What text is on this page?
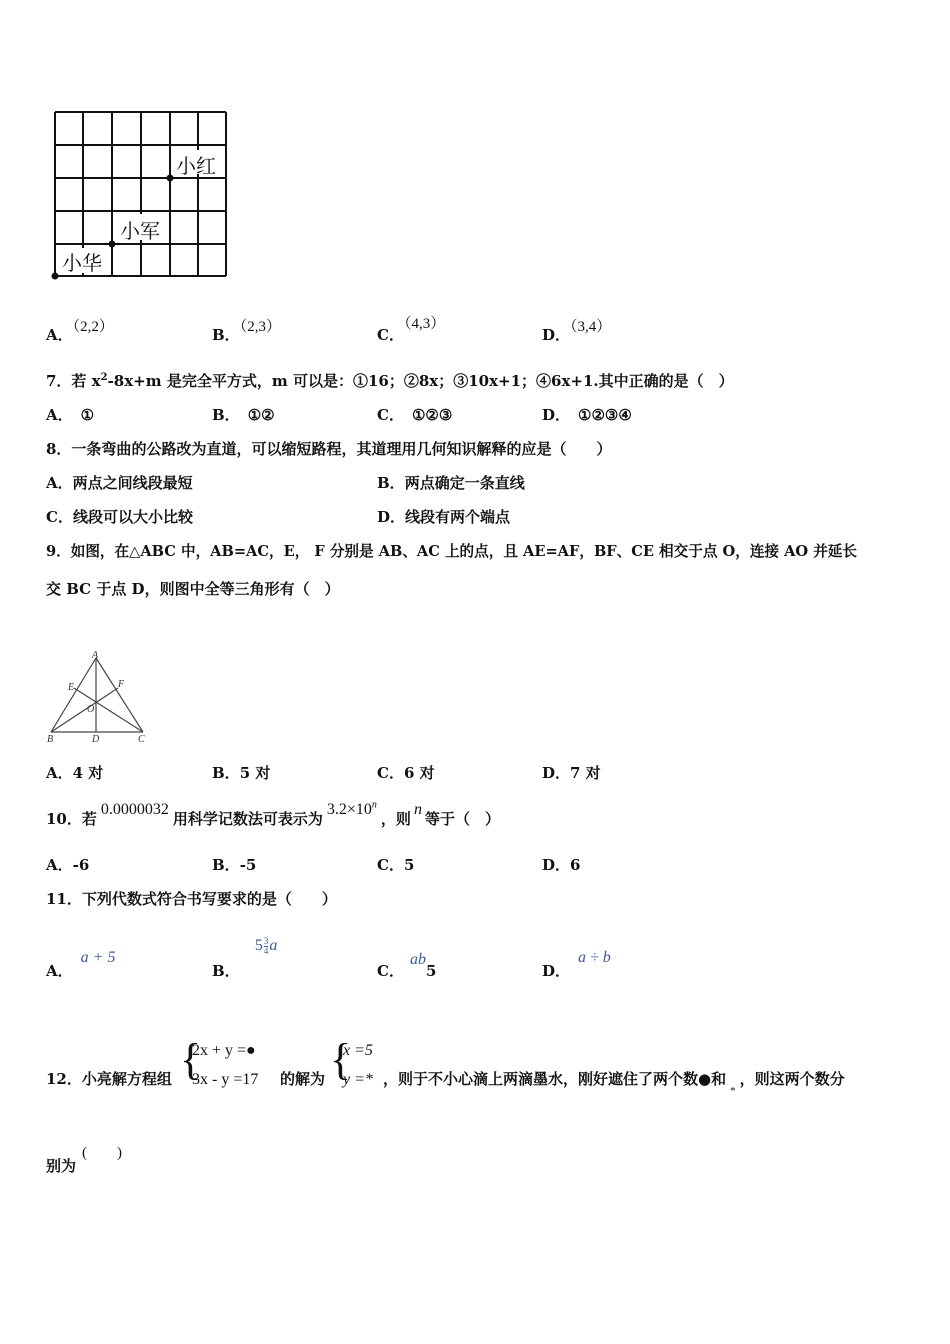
小红
小军
小华
A．（2,2）	B．（2,3）	C．（4,3）
D．（3,4）
7．若 $x^2-8x+m$ 是完全平方式，m 可以是：①16；②8x；③10x+1；④6x+1.其中正确的是（　）
A． ①	B． ①②	C． ①②③	D． ①②③④
8．一条弯曲的公路改为直道，可以缩短路程，其道理用几何知识解释的应是（　　）
A．两点之间线段最短	B．两点确定一条直线
C．线段可以大小比较	D．线段有两个端点
9．如图，在△ABC 中，AB=AC，E， F 分别是 AB、AC 上的点，且 AE=AF，BF、CE 相交于点 O，连接 AO 并延长
交 BC 于点 D，则图中全等三角形有（　）
A
E	F
O
B	D	C
A．4 对	B．5 对	C．6 对	D．7 对
10．若0.0000032用科学记数法可表示为$3.2\times 10^n$，则n等于（　）
A．-6	B．-5	C．5	D．6
11．下列代数式符合书写要求的是（　　）
A．a + 5
B． $5 \frac{3}{4}$ a
C．ab5	D．a ÷ b
12．小亮解方程组 {
2x + y =●
3x - y =17 的解为 {
x =5
y =* ，则于不小心滴上两滴墨水，刚好遮住了两个数●和$_*$，则这两个数分
别为
(　　)
